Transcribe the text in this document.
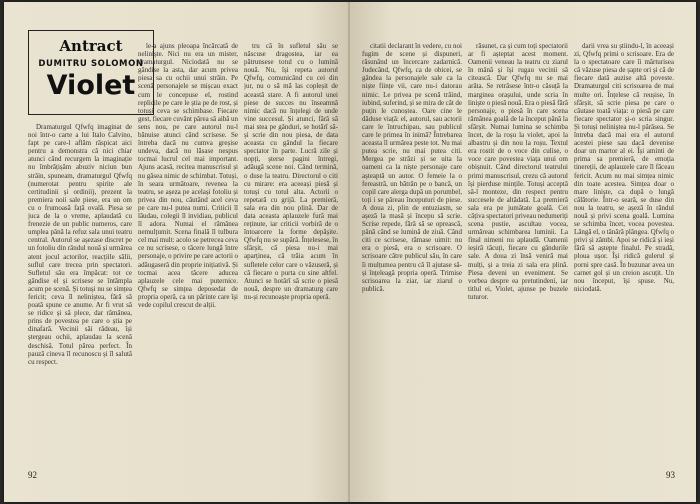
Antract
DUMITRU SOLOMON
Violet

Dramaturgul Qfwfq imaginat de noi într-o carte a lui Italo Calvino, fapt pe care-l aflăm răspicat aici pentru a demonstra că nici chiar atunci când recurgem la imaginație nu îmbrățișăm abuziv niciun bun străin, spuneam, dramaturgul Qfwfq (numerotat pentru spirite ale certitudinii și ordinii), prezent la premiera noii sale piese, era un om cu o frumoasă față ovală. Piesa se juca de la o vreme, aplaudată cu frenezie de un public numeros, care umplea până la refuz sala unui teatru central. Autorul se așezase discret pe un fotoliu din rândul nouă și urmărea atent jocul actorilor, reacțiile sălii, suflul care trecea prin spectatori. Sufletul său era împăcat: tot ce gândise el și scrisese se întâmpla acum pe scenă. Și totuși nu se simțea fericit; ceva îl neliniștea, fără să poată spune ce anume. Ar fi vrut să se ridice și să plece, dar rămânea, prins de povestea pe care o știa pe dinafară. Vecinii săi râdeau, își ștergeau ochii, aplaudau la scenă deschisă. Totul părea perfect. În pauză cineva îl recunoscu și îl salută cu respect.

le-a ajuns pleoapa încărcată de neliniște. Nici nu era un mister, dramaturgul. Niciodată nu se gândise la asta, dar acum privea piesa sa cu ochii unui străin. Pe scenă personajele se mișcau exact cum le concepuse el, rostind replicile pe care le știa pe de rost, și totuși ceva se schimbase. Fiecare gest, fiecare cuvânt părea să aibă un sens nou, pe care autorul nu-l bănuise atunci când scrisese. Se întreba dacă nu cumva greșise undeva, dacă nu lăsase nespus tocmai lucrul cel mai important. Ajuns acasă, recitea manuscrisul și nu găsea nimic de schimbat. Totuși, în seara următoare, revenea la teatru, se așeza pe același fotoliu și privea din nou, căutând acel ceva pe care nu-l putea numi. Criticii îl lăudau, colegii îl invidiau, publicul îl adora. Numai el rămânea nemulțumit. Scena finală îl tulbura cel mai mult: acolo se petrecea ceva ce nu scrisese, o tăcere lungă între personaje, o privire pe care actorii o adăugaseră din proprie inițiativă. Și tocmai acea tăcere aducea aplauzele cele mai puternice. Qfwfq se simțea deposedat de propria operă, ca un părinte care își vede copilul crescut de alții.

tru că în sufletul său se născuse dragostea, iar ea pătrunsese totul cu o lumină nouă. Nu, își repeta autorul Qfwfq, comunicând cu cei din jur, nu o să mă las copleșit de această stare. A fi autorul unei piese de succes nu înseamnă nimic dacă nu înțelegi de unde vine succesul. Și atunci, fără să mai stea pe gânduri, se hotărî să-și scrie din nou piesa, de data aceasta cu gândul la fiecare spectator în parte. Lucră zile și nopți, șterse pagini întregi, adăugă scene noi. Când termină, o duse la teatru. Directorul o citi cu mirare: era aceeași piesă și totuși cu totul alta. Actorii o repetară cu grijă. La premieră, sala era din nou plină. Dar de data aceasta aplauzele fură mai reținute, iar criticii vorbiră de o întoarcere la forme depășite. Qfwfq nu se supără. Înțelesese, în sfârșit, că piesa nu-i mai aparținea, că trăia acum în sufletele celor care o văzuseră, și că fiecare o purta cu sine altfel. Atunci se hotărî să scrie o piesă nouă, despre un dramaturg care nu-și recunoaște propria operă.

92

citatii declarant în vedere, cu noi fugim de scene și dispuneri, răsunând un încercare zadarnică. Judecând, Qfwfq, ca de obicei, se gândea la personajele sale ca la niște ființe vii, care nu-i datorau nimic. Le privea pe scenă trăind, iubind, suferind, și se mira de cât de puțin le cunoștea. Oare cine le dăduse viață: el, autorul, sau actorii care le întruchipau, sau publicul care le primea în inimă? Întrebarea aceasta îl urmărea peste tot. Nu mai putea scrie, nu mai putea citi. Mergea pe străzi și se uita la oameni ca la niște personaje care așteaptă un autor. O femeie la o fereastră, un bătrân pe o bancă, un copil care alerga după un porumbel, toți i se păreau începuturi de piese. A doua zi, plin de entuziasm, se așeză la masă și începu să scrie. Scrise repede, fără să se oprească, până când se lumină de ziuă. Când citi ce scrisese, rămase uimit: nu era o piesă, era o scrisoare. O scrisoare către publicul său, în care îi mulțumea pentru că îl ajutase să-și înțeleagă propria operă. Trimise scrisoarea la ziar, iar ziarul o publică.

răsunet, ca și cum toți spectatorii ar fi așteptat acest moment. Oamenii veneau la teatru cu ziarul în mână și își rugau vecinii să citească. Dar Qfwfq nu se mai arăta. Se retrăsese într-o căsuță la marginea orașului, unde scria în liniște o piesă nouă. Era o piesă fără personaje, o piesă în care scena rămânea goală de la început până la sfârșit. Numai lumina se schimba încet, de la roșu la violet, apoi la albastru și din nou la roșu. Textul era rostit de o voce din culise, o voce care povestea viața unui om obișnuit. Când directorul teatrului primi manuscrisul, crezu că autorul își pierduse mințile. Totuși acceptă să-l monteze, din respect pentru succesele de altădată. La premieră sala era pe jumătate goală. Cei câțiva spectatori priveau nedumeriți scena pustie, ascultau vocea, urmăreau schimbarea luminii. La final nimeni nu aplaudă. Oamenii ieșiră tăcuți, fiecare cu gândurile sale. A doua zi însă veniră mai mulți, și a treia zi sala era plină. Piesa deveni un eveniment. Se vorbea despre ea pretutindeni, iar titlul ei, Violet, ajunse pe buzele tuturor.

darii vrea su știindu-l, în aceeași zi, Qfwfq primi o scrisoare. Era de la o spectatoare care îi mărturisea că văzuse piesa de șapte ori și că de fiecare dată auzise altă poveste. Dramaturgul citi scrisoarea de mai multe ori. Înțelese că reușise, în sfârșit, să scrie piesa pe care o căutase toată viața: o piesă pe care fiecare spectator și-o scria singur. Și totuși neliniștea nu-l părăsea. Se întreba dacă mai era el autorul acestei piese sau dacă devenise doar un martor al ei. Își aminti de prima sa premieră, de emoția tinereții, de aplauzele care îl făceau fericit. Acum nu mai simțea nimic din toate acestea. Simțea doar o mare liniște, ca după o lungă călătorie. Într-o seară, se duse din nou la teatru, se așeză în rândul nouă și privi scena goală. Lumina se schimba încet, vocea povestea. Lângă el, o tânără plângea. Qfwfq o privi și zâmbi. Apoi se ridică și ieși fără să aștepte finalul. Pe stradă, ploua ușor. Își ridică gulerul și porni spre casă. În buzunar avea un carnet gol și un creion ascuțit. Un nou început, își spuse. Nu, niciodată.

93
